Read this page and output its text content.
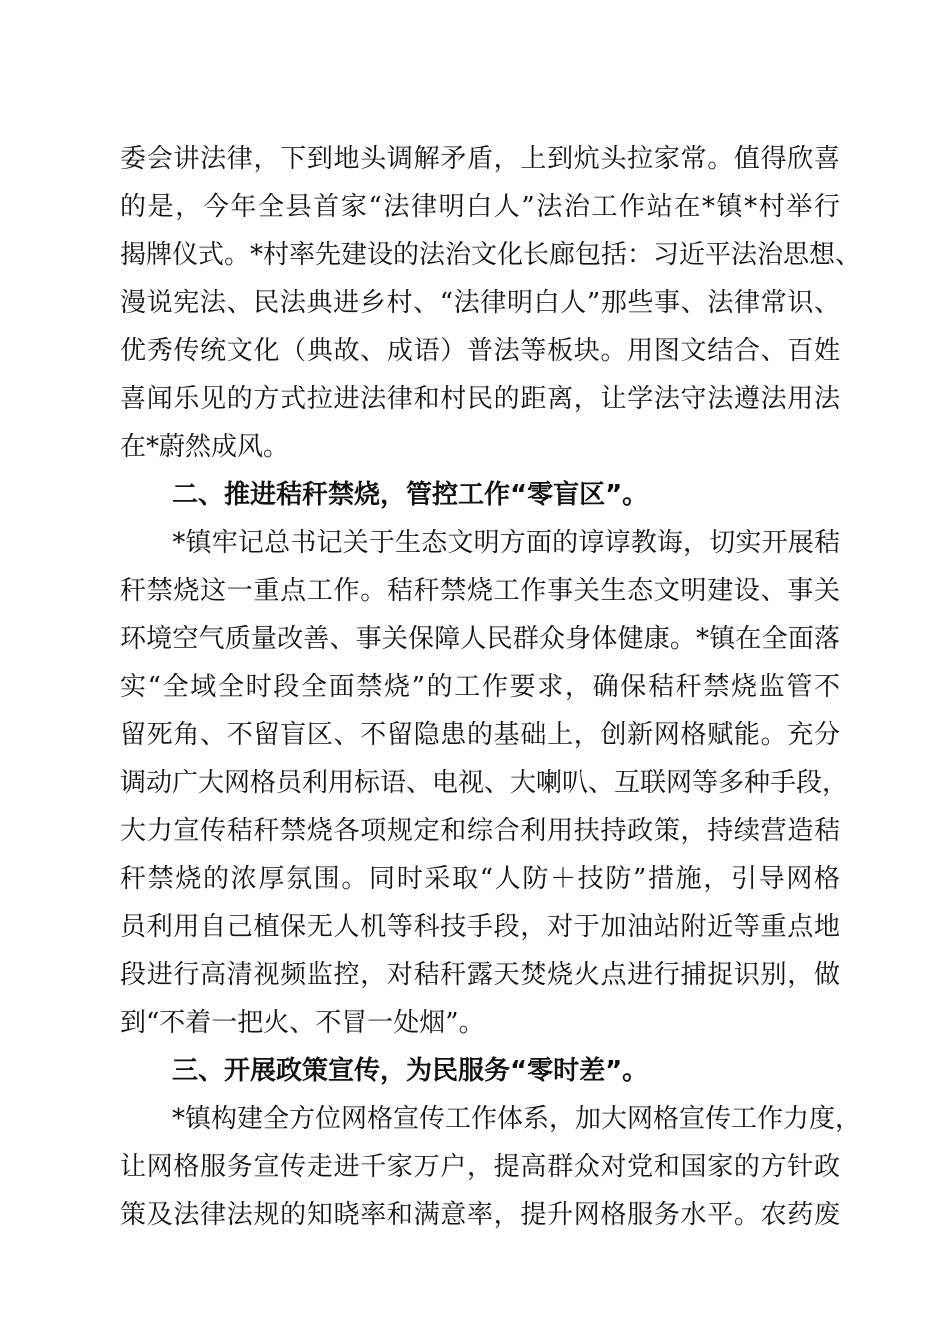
委会讲法律，下到地头调解矛盾，上到炕头拉家常。值得欣喜
的是，今年全县首家“法律明白人”法治工作站在*镇*村举行
揭牌仪式。*村率先建设的法治文化长廊包括：习近平法治思想、
漫说宪法、民法典进乡村、“法律明白人”那些事、法律常识、
优秀传统文化（典故、成语）普法等板块。用图文结合、百姓
喜闻乐见的方式拉进法律和村民的距离，让学法守法遵法用法
在*蔚然成风。
　　二、推进秸秆禁烧，管控工作“零盲区”。
　　*镇牢记总书记关于生态文明方面的谆谆教诲，切实开展秸
秆禁烧这一重点工作。秸秆禁烧工作事关生态文明建设、事关
环境空气质量改善、事关保障人民群众身体健康。*镇在全面落
实“全域全时段全面禁烧”的工作要求，确保秸秆禁烧监管不
留死角、不留盲区、不留隐患的基础上，创新网格赋能。充分
调动广大网格员利用标语、电视、大喇叭、互联网等多种手段，
大力宣传秸秆禁烧各项规定和综合利用扶持政策，持续营造秸
秆禁烧的浓厚氛围。同时采取“人防＋技防”措施，引导网格
员利用自己植保无人机等科技手段，对于加油站附近等重点地
段进行高清视频监控，对秸秆露天焚烧火点进行捕捉识别，做
到“不着一把火、不冒一处烟”。
　　三、开展政策宣传，为民服务“零时差”。
　　*镇构建全方位网格宣传工作体系，加大网格宣传工作力度，
让网格服务宣传走进千家万户，提高群众对党和国家的方针政
策及法律法规的知晓率和满意率，提升网格服务水平。农药废
